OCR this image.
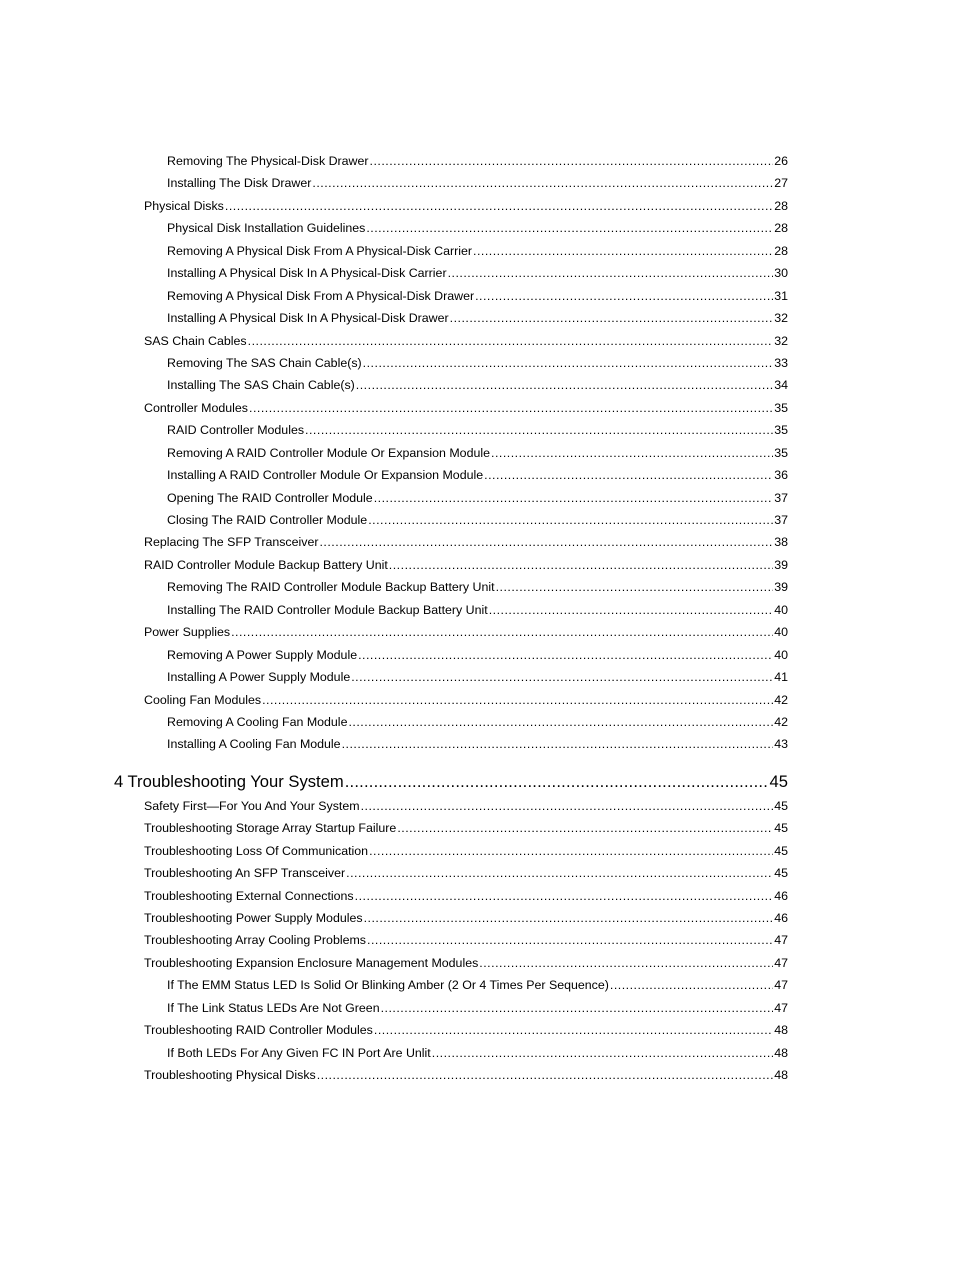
Removing The Physical-Disk Drawer .....	26
Installing The Disk Drawer .....	27
Physical Disks .....	28
Physical Disk Installation Guidelines .....	28
Removing A Physical Disk From A Physical-Disk Carrier .....	28
Installing A Physical Disk In A Physical-Disk Carrier .....	30
Removing A Physical Disk From A Physical-Disk Drawer .....	31
Installing A Physical Disk In A Physical-Disk Drawer .....	32
SAS Chain Cables .....	32
Removing The SAS Chain Cable(s) .....	33
Installing The SAS Chain Cable(s) .....	34
Controller Modules .....	35
RAID Controller Modules .....	35
Removing A RAID Controller Module Or Expansion Module .....	35
Installing A RAID Controller Module Or Expansion Module .....	36
Opening The RAID Controller Module .....	37
Closing The RAID Controller Module .....	37
Replacing The SFP Transceiver .....	38
RAID Controller Module Backup Battery Unit .....	39
Removing The RAID Controller Module Backup Battery Unit .....	39
Installing The RAID Controller Module Backup Battery Unit .....	40
Power Supplies .....	40
Removing A Power Supply Module .....	40
Installing A Power Supply Module .....	41
Cooling Fan Modules .....	42
Removing A Cooling Fan Module .....	42
Installing A Cooling Fan Module .....	43
4 Troubleshooting Your System .....	45
Safety First—For You And Your System .....	45
Troubleshooting Storage Array Startup Failure .....	45
Troubleshooting Loss Of Communication .....	45
Troubleshooting An SFP Transceiver .....	45
Troubleshooting External Connections .....	46
Troubleshooting Power Supply Modules .....	46
Troubleshooting Array Cooling Problems .....	47
Troubleshooting Expansion Enclosure Management Modules .....	47
If The EMM Status LED Is Solid Or Blinking Amber (2 Or 4 Times Per Sequence) .....	47
If The Link Status LEDs Are Not Green .....	47
Troubleshooting RAID Controller Modules .....	48
If Both LEDs For Any Given FC IN Port Are Unlit .....	48
Troubleshooting Physical Disks .....	48
